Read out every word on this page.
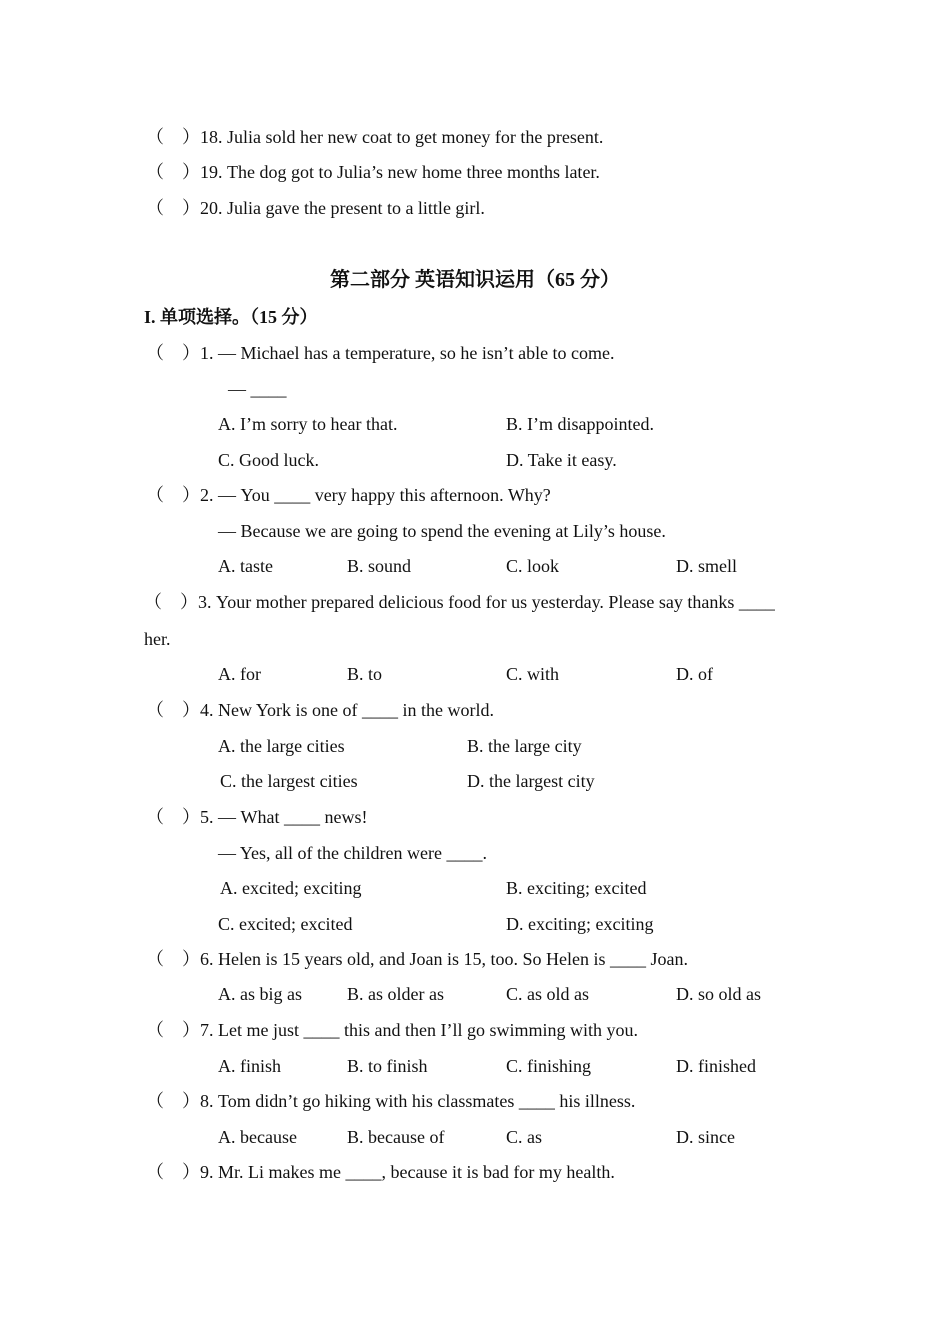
（　）18. Julia sold her new coat to get money for the present.
（　）19. The dog got to Julia’s new home three months later.
（　）20. Julia gave the present to a little girl.
第二部分 英语知识运用（65 分）
I. 单项选择。（15 分）
（　）1. — Michael has a temperature, so he isn’t able to come.
— ____
A. I’m sorry to hear that.	B. I’m disappointed.
C. Good luck.	D. Take it easy.
（　）2. — You ____ very happy this afternoon. Why?
— Because we are going to spend the evening at Lily’s house.
A. taste	B. sound	C. look	D. smell
（　）3. Your mother prepared delicious food for us yesterday. Please say thanks ____
her.
A. for	B. to	C. with	D. of
（　）4. New York is one of ____ in the world.
A. the large cities	B. the large city
C. the largest cities	D. the largest city
（　）5. — What ____ news!
— Yes, all of the children were ____.
A. excited; exciting	B. exciting; excited
C. excited; excited	D. exciting; exciting
（　）6. Helen is 15 years old, and Joan is 15, too. So Helen is ____ Joan.
A. as big as	B. as older as	C. as old as	D. so old as
（　）7. Let me just ____ this and then I’ll go swimming with you.
A. finish	B. to finish	C. finishing	D. finished
（　）8. Tom didn’t go hiking with his classmates ____ his illness.
A. because	B. because of	C. as	D. since
（　）9. Mr. Li makes me ____, because it is bad for my health.
